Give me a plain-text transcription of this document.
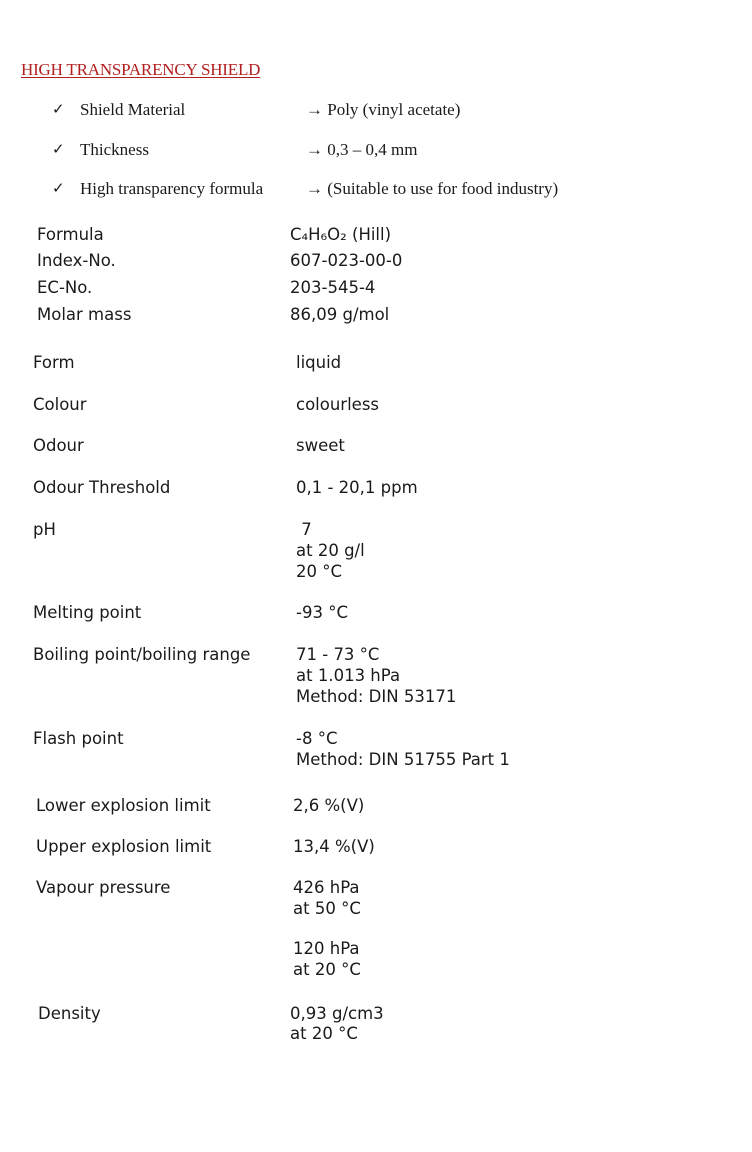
HIGH TRANSPARENCY SHIELD
✓ Shield Material	→ Poly (vinyl acetate)
✓ Thickness	→ 0,3 – 0,4 mm
✓ High transparency formula	→ (Suitable to use for food industry)
Formula	C₄H₆O₂ (Hill)
Index-No.	607-023-00-0
EC-No.	203-545-4
Molar mass	86,09 g/mol
Form	liquid
Colour	colourless
Odour	sweet
Odour Threshold	0,1 - 20,1 ppm
pH	7
at 20 g/l
20 °C
Melting point	-93 °C
Boiling point/boiling range	71 - 73 °C
at 1.013 hPa
Method: DIN 53171
Flash point	-8 °C
Method: DIN 51755 Part 1
Lower explosion limit	2,6 %(V)
Upper explosion limit	13,4 %(V)
Vapour pressure	426 hPa
at 50 °C
120 hPa
at 20 °C
Density	0,93 g/cm3
at 20 °C
